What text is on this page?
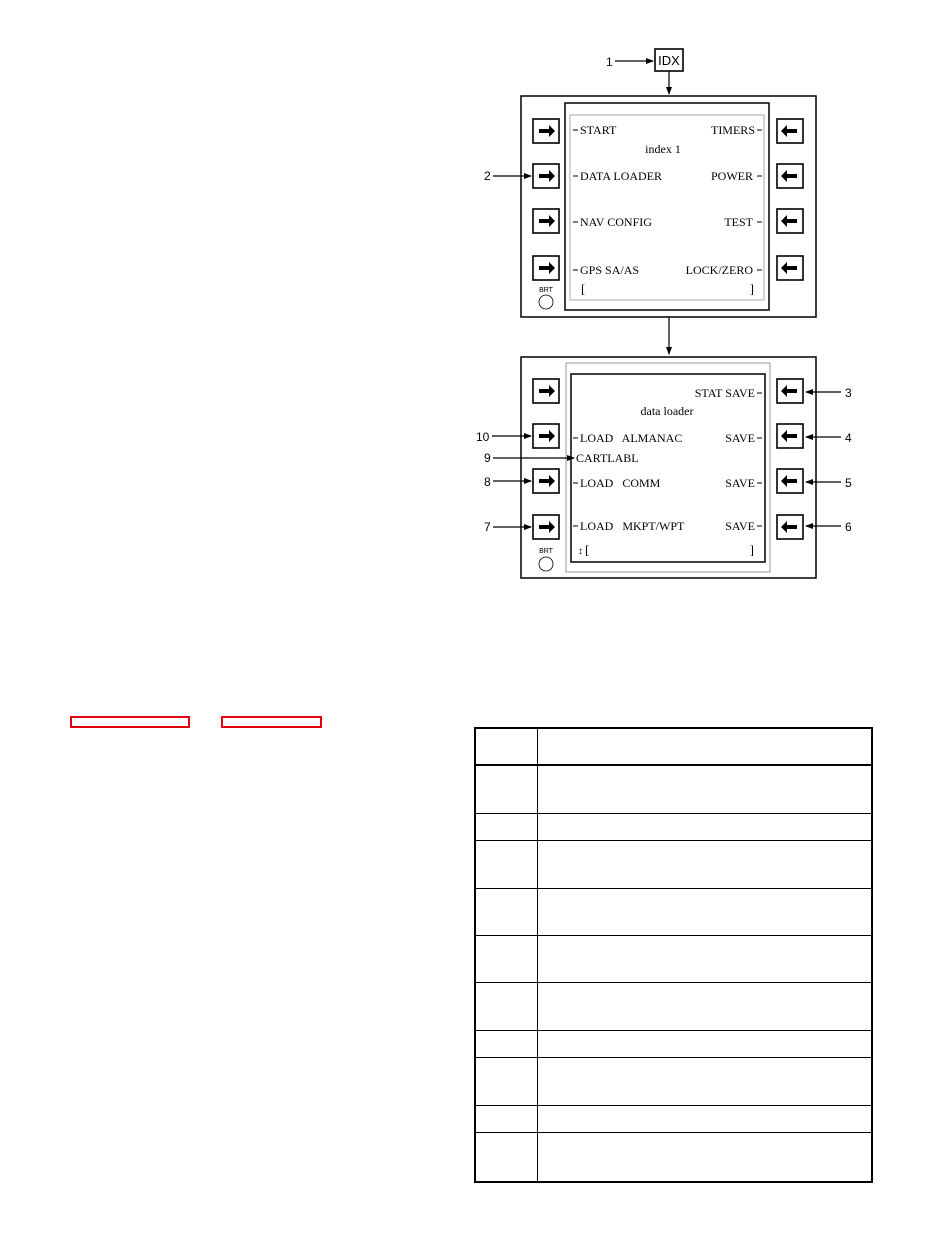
1	IDX
BRT
index 1
START
DATA LOADER
NAV CONFIG
GPS SA/AS
TIMERS
POWER
TEST
LOCK/ZERO
[	]
2
BRT
STAT SAVE
data loader
LOAD   ALMANAC
CARTLABL
LOAD   COMM
LOAD   MKPT/WPT
SAVE
SAVE
SAVE
↕ [	]
3
4
5
6
10
9
8
7
